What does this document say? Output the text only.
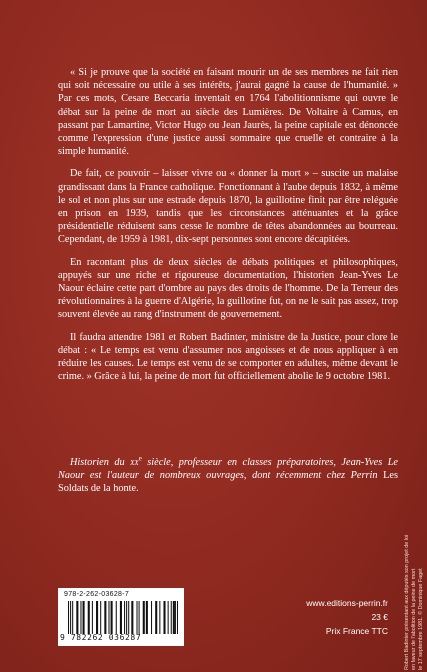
« Si je prouve que la société en faisant mourir un de ses membres ne fait rien qui soit nécessaire ou utile à ses intérêts, j'aurai gagné la cause de l'humanité. » Par ces mots, Cesare Beccaria inventait en 1764 l'abolitionnisme qui ouvre le débat sur la peine de mort au siècle des Lumières. De Voltaire à Camus, en passant par Lamartine, Victor Hugo ou Jean Jaurès, la peine capitale est dénoncée comme l'expression d'une justice aussi sommaire que cruelle et contraire à la simple humanité.

De fait, ce pouvoir – laisser vivre ou « donner la mort » – suscite un malaise grandissant dans la France catholique. Fonctionnant à l'aube depuis 1832, à même le sol et non plus sur une estrade depuis 1870, la guillotine finit par être reléguée en prison en 1939, tandis que les circonstances atténuantes et la grâce présidentielle réduisent sans cesse le nombre de têtes abandonnées au bourreau. Cependant, de 1959 à 1981, dix-sept personnes sont encore décapitées.

En racontant plus de deux siècles de débats politiques et philosophiques, appuyés sur une riche et rigoureuse documentation, l'historien Jean-Yves Le Naour éclaire cette part d'ombre au pays des droits de l'homme. De la Terreur des révolutionnaires à la guerre d'Algérie, la guillotine fut, on ne le sait pas assez, trop souvent élevée au rang d'instrument de gouvernement.

Il faudra attendre 1981 et Robert Badinter, ministre de la Justice, pour clore le débat : « Le temps est venu d'assumer nos angoisses et de nous appliquer à en réduire les causes. Le temps est venu de se comporter en adultes, même devant le crime. » Grâce à lui, la peine de mort fut officiellement abolie le 9 octobre 1981.

Historien du $xx^e$ siècle, professeur en classes préparatoires, Jean-Yves Le Naour est l'auteur de nombreux ouvrages, dont récemment chez Perrin Les Soldats de la honte.
978-2-262-03628-7
9 782262 036287
www.editions-perrin.fr
23 €
Prix France TTC	Robert Badinter présentant aux députés son projet de loi en faveur de l'abolition de la peine de mort le 17 septembre 1981. © Dominique Faget
